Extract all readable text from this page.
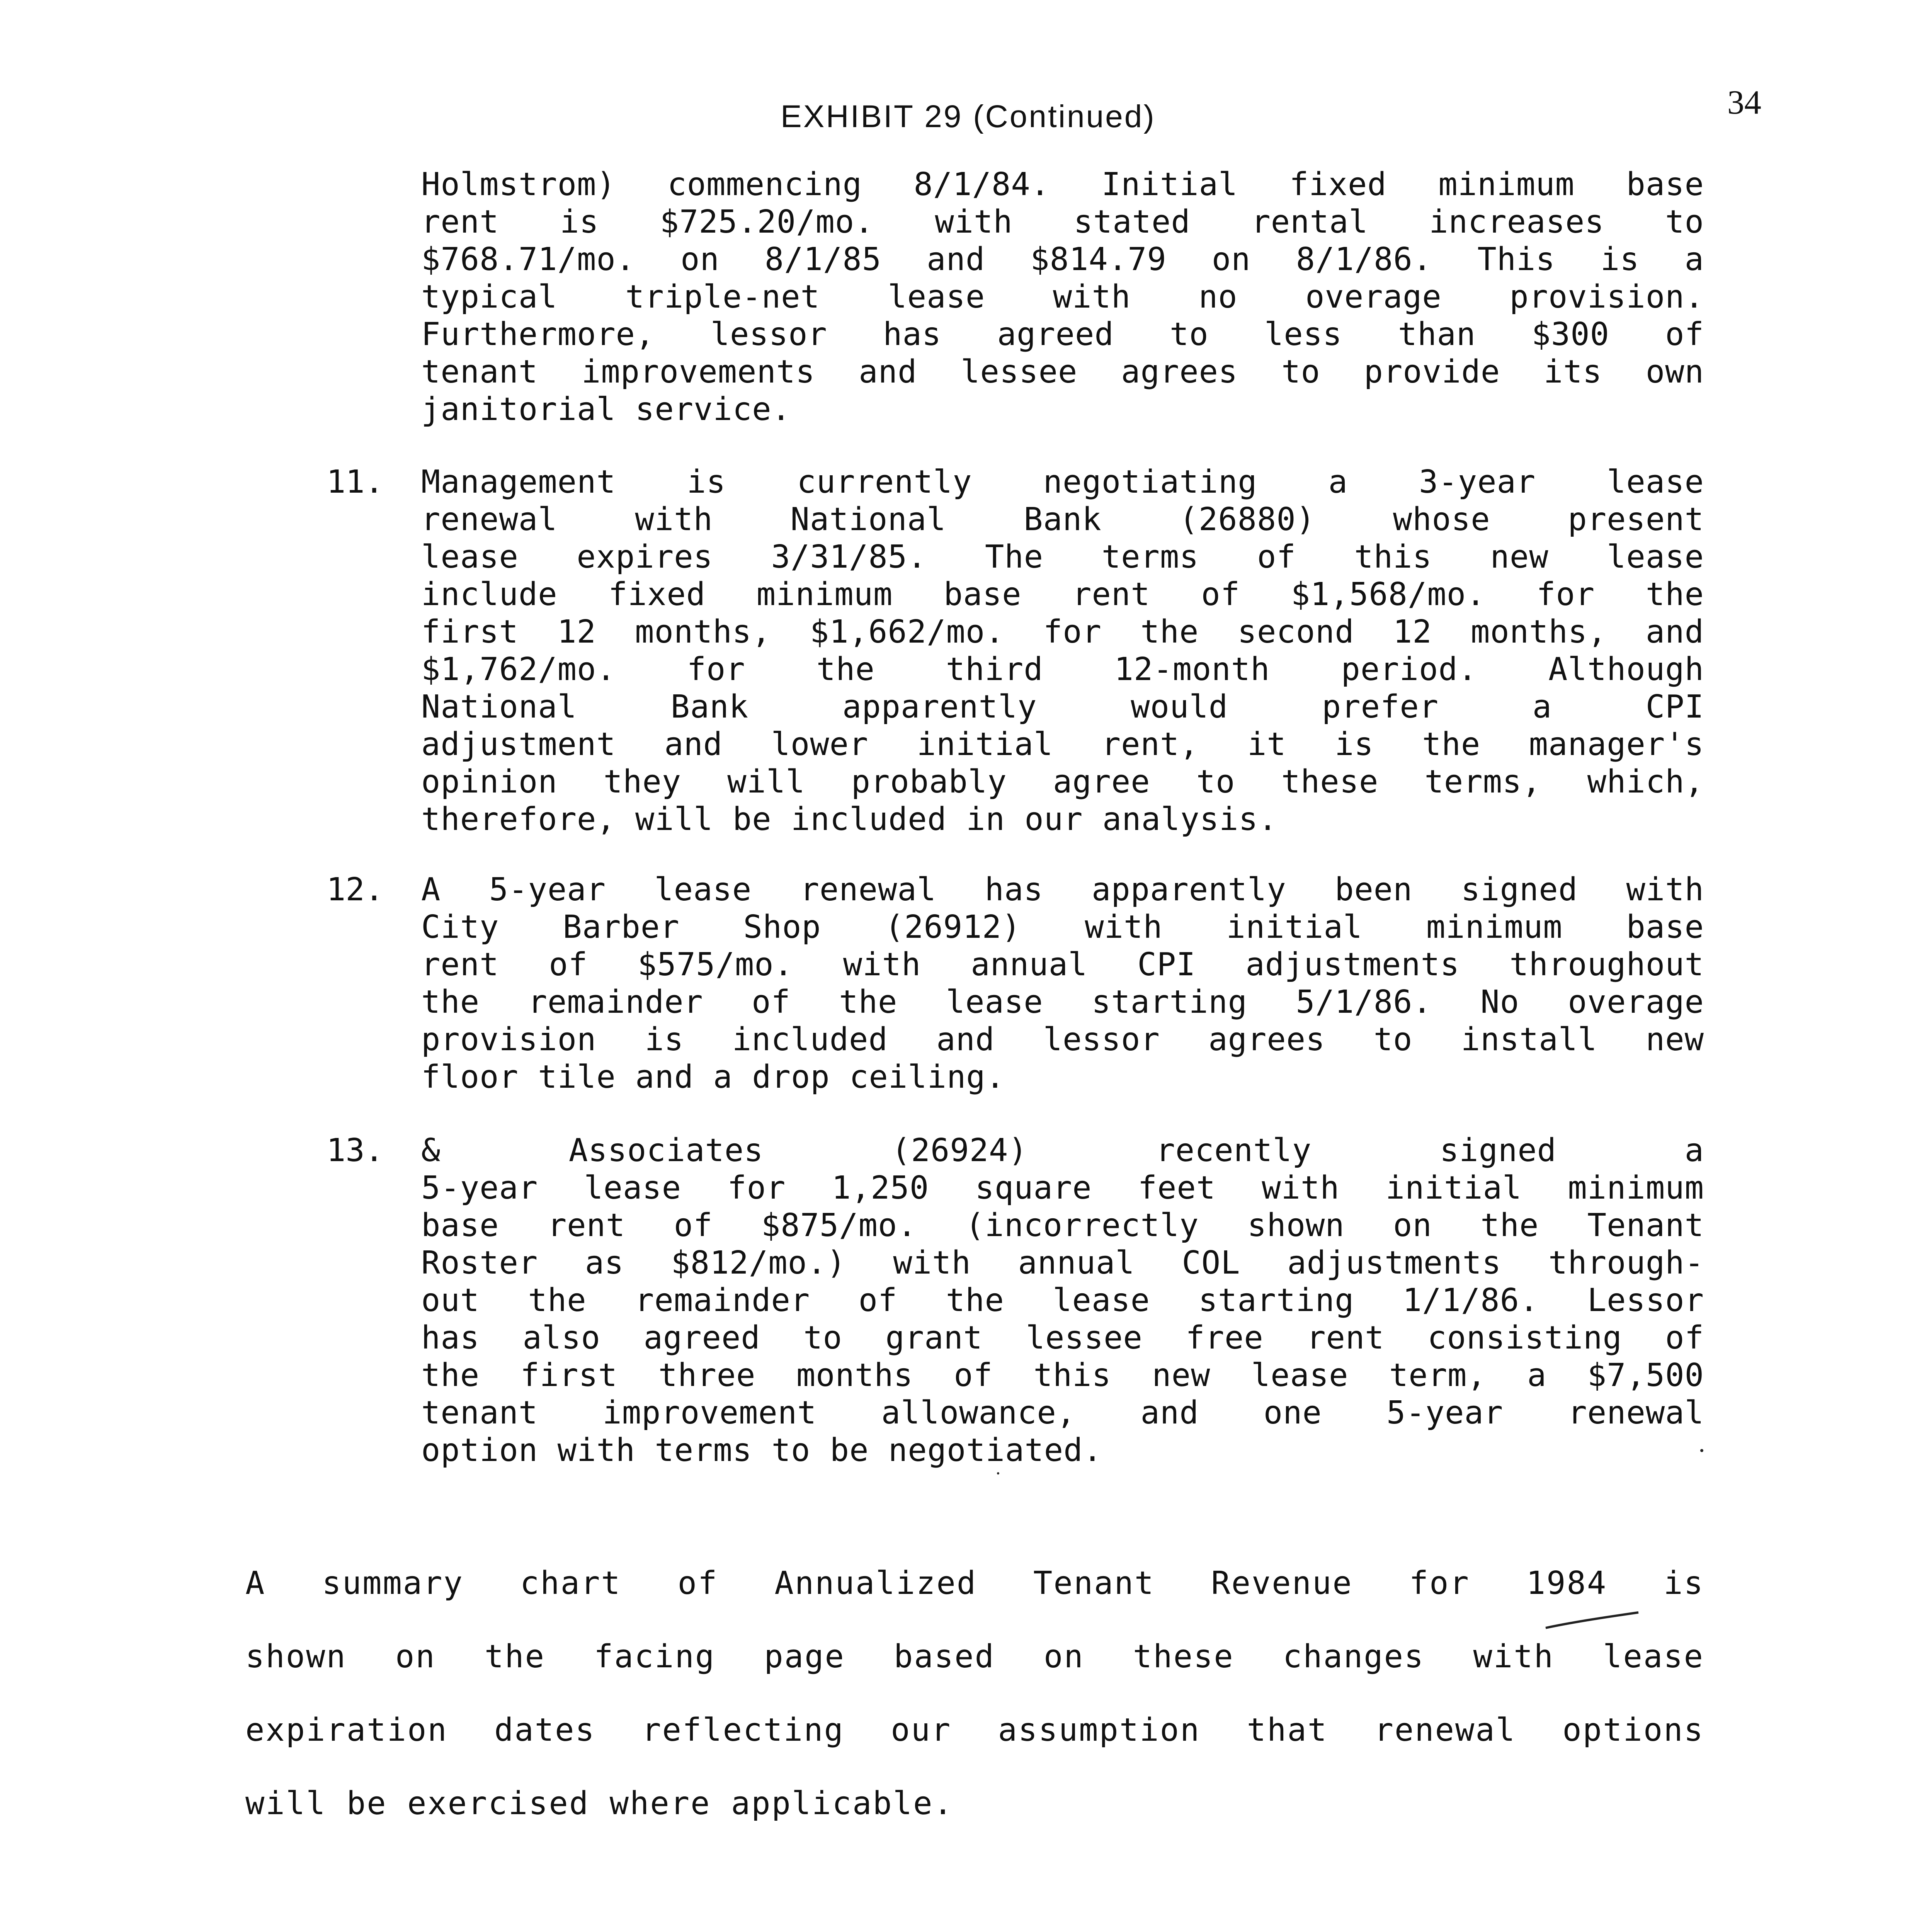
34
EXHIBIT 29 (Continued)
Holmstrom) commencing 8/1/84. Initial fixed minimum base
rent is $725.20/mo. with stated rental increases to
$768.71/mo. on 8/1/85 and $814.79 on 8/1/86. This is a
typical triple-net lease with no overage provision.
Furthermore, lessor has agreed to less than $300 of
tenant improvements and lessee agrees to provide its own
janitorial service.
11. Management is currently negotiating a 3-year lease
renewal with National Bank (26880) whose present
lease expires 3/31/85. The terms of this new lease
include fixed minimum base rent of $1,568/mo. for the
first 12 months, $1,662/mo. for the second 12 months, and
$1,762/mo. for the third 12-month period. Although
National Bank apparently would prefer a CPI
adjustment and lower initial rent, it is the manager's
opinion they will probably agree to these terms, which,
therefore, will be included in our analysis.
12. A 5-year lease renewal has apparently been signed with
City Barber Shop (26912) with initial minimum base
rent of $575/mo. with annual CPI adjustments throughout
the remainder of the lease starting 5/1/86. No overage
provision is included and lessor agrees to install new
floor tile and a drop ceiling.
13. & Associates (26924) recently signed a
5-year lease for 1,250 square feet with initial minimum
base rent of $875/mo. (incorrectly shown on the Tenant
Roster as $812/mo.) with annual COL adjustments through-
out the remainder of the lease starting 1/1/86. Lessor
has also agreed to grant lessee free rent consisting of
the first three months of this new lease term, a $7,500
tenant improvement allowance, and one 5-year renewal
option with terms to be negotiated.
A summary chart of Annualized Tenant Revenue for 1984 is
shown on the facing page based on these changes with lease
expiration dates reflecting our assumption that renewal options
will be exercised where applicable.
